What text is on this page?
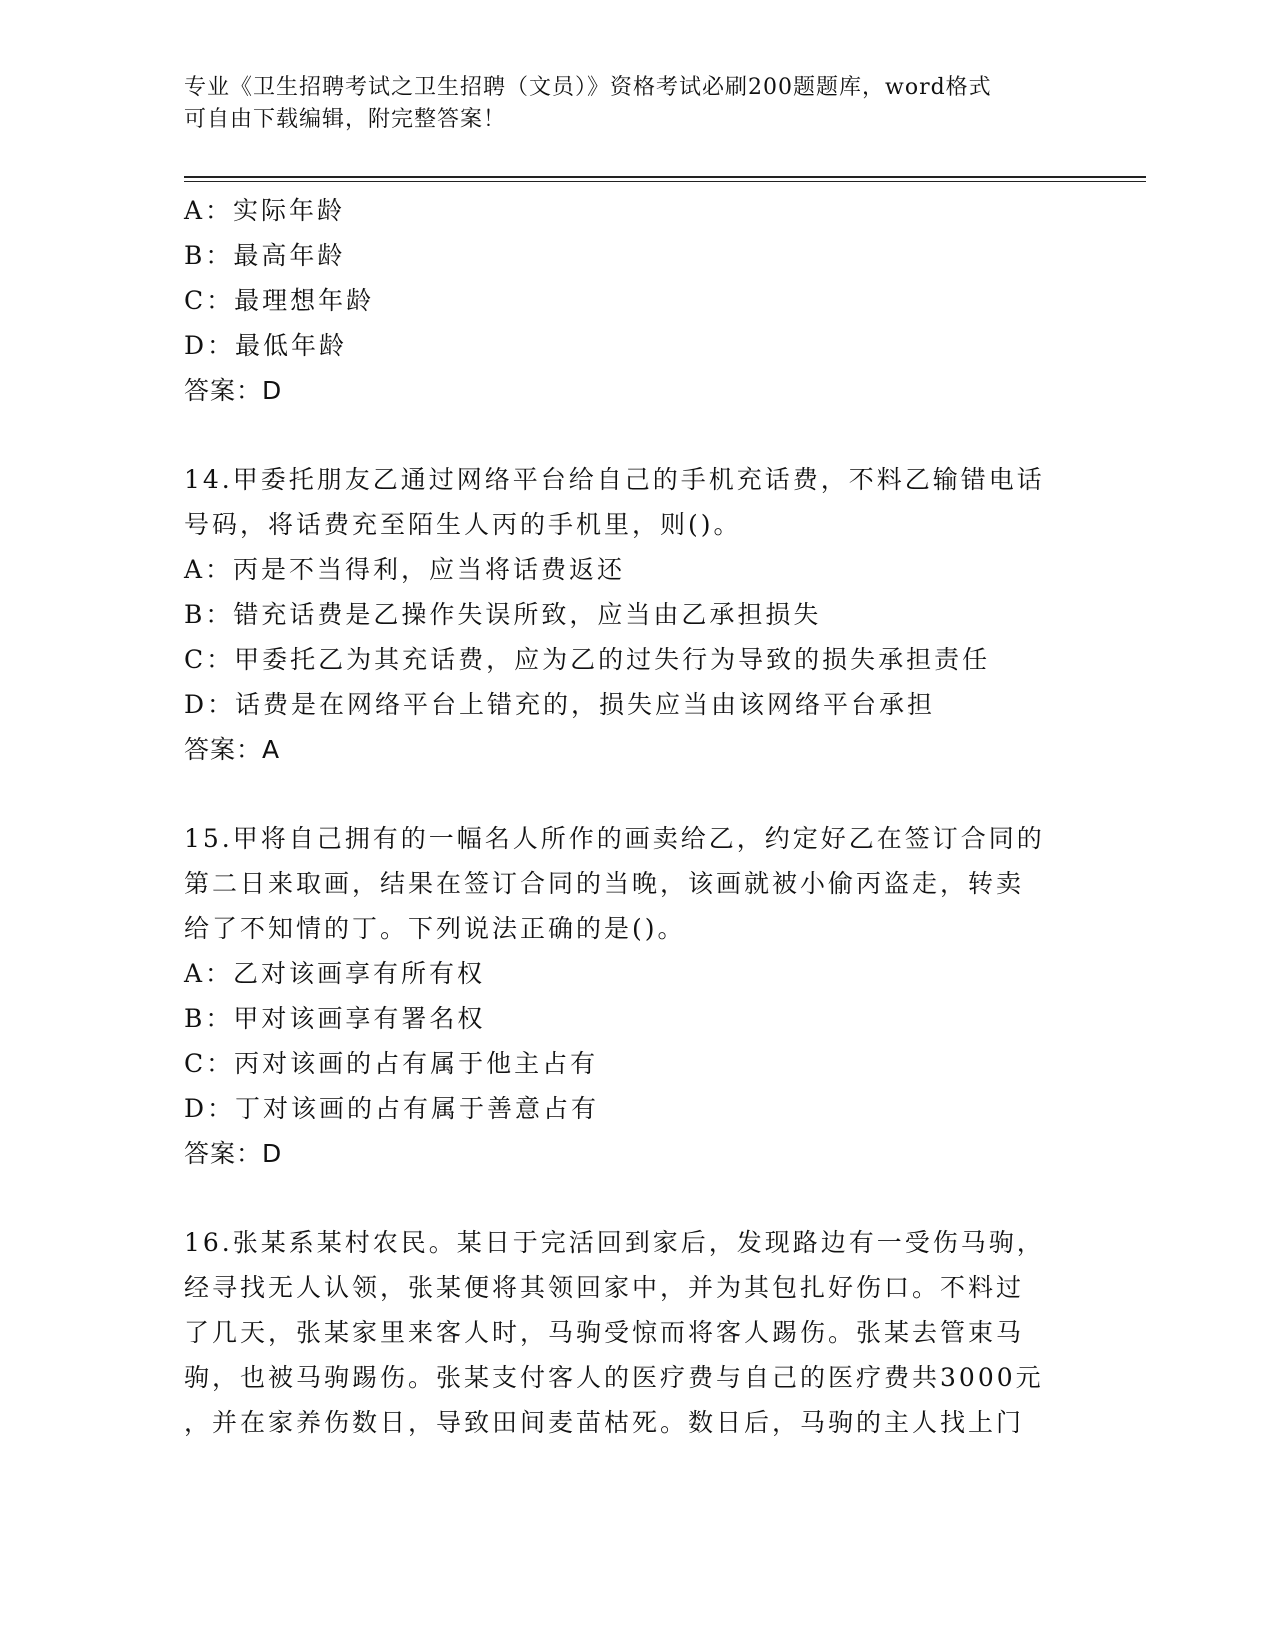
专业《卫生招聘考试之卫生招聘（文员）》资格考试必刷200题题库，word格式
可自由下载编辑，附完整答案！
A：实际年龄
B：最高年龄
C：最理想年龄
D：最低年龄
答案：D
14.甲委托朋友乙通过网络平台给自己的手机充话费，不料乙输错电话
号码，将话费充至陌生人丙的手机里，则()。
A：丙是不当得利，应当将话费返还
B：错充话费是乙操作失误所致，应当由乙承担损失
C：甲委托乙为其充话费，应为乙的过失行为导致的损失承担责任
D：话费是在网络平台上错充的，损失应当由该网络平台承担
答案：A
15.甲将自己拥有的一幅名人所作的画卖给乙，约定好乙在签订合同的
第二日来取画，结果在签订合同的当晚，该画就被小偷丙盗走，转卖
给了不知情的丁。下列说法正确的是()。
A：乙对该画享有所有权
B：甲对该画享有署名权
C：丙对该画的占有属于他主占有
D：丁对该画的占有属于善意占有
答案：D
16.张某系某村农民。某日于完活回到家后，发现路边有一受伤马驹，
经寻找无人认领，张某便将其领回家中，并为其包扎好伤口。不料过
了几天，张某家里来客人时，马驹受惊而将客人踢伤。张某去管束马
驹，也被马驹踢伤。张某支付客人的医疗费与自己的医疗费共3000元
，并在家养伤数日，导致田间麦苗枯死。数日后，马驹的主人找上门
